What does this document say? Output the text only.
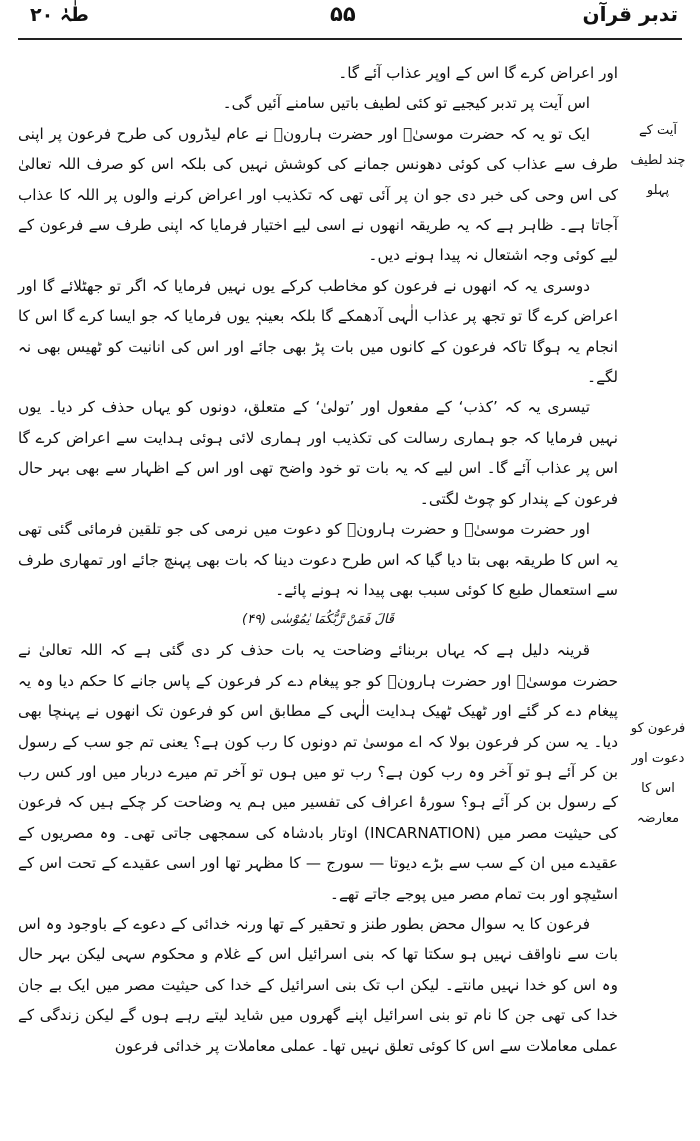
طٰہٰ ۲۰	۵۵	تدبر قرآن
آیت کے
چند لطیف
پہلو
فرعون کو
دعوت اور
اس کا معارضہ

اور اعراض کرے گا اس کے اوپر عذاب آئے گا۔

اس آیت پر تدبر کیجیے تو کئی لطیف باتیں سامنے آئیں گی۔

ایک تو یہ کہ حضرت موسیٰؑ اور حضرت ہارونؑ نے عام لیڈروں کی طرح فرعون پر اپنی طرف سے عذاب کی کوئی دھونس جمانے کی کوشش نہیں کی بلکہ اس کو صرف اللہ تعالیٰ کی اس وحی کی خبر دی جو ان پر آئی تھی کہ تکذیب اور اعراض کرنے والوں پر اللہ کا عذاب آجاتا ہے۔ ظاہر ہے کہ یہ طریقہ انھوں نے اسی لیے اختیار فرمایا کہ اپنی طرف سے فرعون کے لیے کوئی وجہ اشتعال نہ پیدا ہونے دیں۔

دوسری یہ کہ انھوں نے فرعون کو مخاطب کرکے یوں نہیں فرمایا کہ اگر تو جھٹلائے گا اور اعراض کرے گا تو تجھ پر عذاب الٰہی آدھمکے گا بلکہ بعینہٖ یوں فرمایا کہ جو ایسا کرے گا اس کا انجام یہ ہوگا تاکہ فرعون کے کانوں میں بات پڑ بھی جائے اور اس کی انانیت کو ٹھیس بھی نہ لگے۔

تیسری یہ کہ ’کذب‘ کے مفعول اور ’تولیٰ‘ کے متعلق، دونوں کو یہاں حذف کر دیا۔ یوں نہیں فرمایا کہ جو ہماری رسالت کی تکذیب اور ہماری لائی ہوئی ہدایت سے اعراض کرے گا اس پر عذاب آئے گا۔ اس لیے کہ یہ بات تو خود واضح تھی اور اس کے اظہار سے بھی بہر حال فرعون کے پندار کو چوٹ لگتی۔

اور حضرت موسیٰؑ و حضرت ہارونؑ کو دعوت میں نرمی کی جو تلقین فرمائی گئی تھی یہ اس کا طریقہ بھی بتا دیا گیا کہ اس طرح دعوت دینا کہ بات بھی پہنچ جائے اور تمھاری طرف سے استعمال طبع کا کوئی سبب بھی پیدا نہ ہونے پائے۔

قَالَ فَمَنْ رَّبُّكُمَا يٰمُوْسٰى (۴۹)

قرینہ دلیل ہے کہ یہاں بربنائے وضاحت یہ بات حذف کر دی گئی ہے کہ اللہ تعالیٰ نے حضرت موسیٰؑ اور حضرت ہارونؑ کو جو پیغام دے کر فرعون کے پاس جانے کا حکم دیا وہ یہ پیغام دے کر گئے اور ٹھیک ٹھیک ہدایت الٰہی کے مطابق اس کو فرعون تک انھوں نے پہنچا بھی دیا۔ یہ سن کر فرعون بولا کہ اے موسیٰ تم دونوں کا رب کون ہے؟ یعنی تم جو سب کے رسول بن کر آئے ہو تو آخر وہ رب کون ہے؟ رب تو میں ہوں تو آخر تم میرے دربار میں اور کس رب کے رسول بن کر آئے ہو؟ سورۂ اعراف کی تفسیر میں ہم یہ وضاحت کر چکے ہیں کہ فرعون کی حیثیت مصر میں (INCARNATION) اوتار بادشاہ کی سمجھی جاتی تھی۔ وہ مصریوں کے عقیدے میں ان کے سب سے بڑے دیوتا — سورج — کا مظہر تھا اور اسی عقیدے کے تحت اس کے اسٹیچو اور بت تمام مصر میں پوجے جاتے تھے۔

فرعون کا یہ سوال محض بطور طنز و تحقیر کے تھا ورنہ خدائی کے دعوے کے باوجود وہ اس بات سے ناواقف نہیں ہو سکتا تھا کہ بنی اسرائیل اس کے غلام و محکوم سہی لیکن بہر حال وہ اس کو خدا نہیں مانتے۔ لیکن اب تک بنی اسرائیل کے خدا کی حیثیت مصر میں ایک بے جان خدا کی تھی جن کا نام تو بنی اسرائیل اپنے گھروں میں شاید لیتے رہے ہوں گے لیکن زندگی کے عملی معاملات سے اس کا کوئی تعلق نہیں تھا۔ عملی معاملات پر خدائی فرعون
